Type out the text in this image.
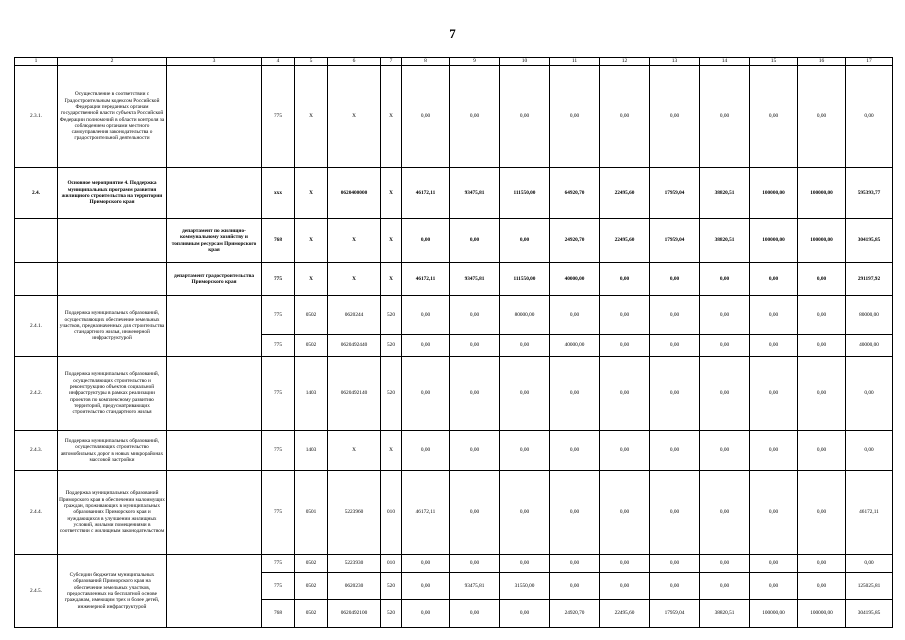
7
1	2	3	4	5	6	7	8	9	10	11	12	13	14	15	16	17
2.3.1.	Осуществление в соответствии с Градостроительным кодексом Российской Федерации переданных органам государственной власти субъекта Российской Федерации полномочий в области контроля за соблюдением органами местного самоуправления законодательства о градостроительной деятельности		775	Х	Х	Х	0,00	0,00	0,00	0,00	0,00	0,00	0,00	0,00	0,00	0,00
2.4.	Основное мероприятие 4. Поддержка муниципальных программ развития жилищного строительства на территории Приморского края		ххх	Х	0620400000	Х	46172,11	93475,81	111550,00	64920,70	22495,60	17959,04	38820,51	100000,00	100000,00	595393,77
		департамент по жилищно-коммунальному хозяйству и топливным ресурсам Приморского края	768	Х	Х	Х	0,00	0,00	0,00	24920,70	22495,60	17959,04	38820,51	100000,00	100000,00	304195,85
		департамент градостроительства Приморского края	775	Х	Х	Х	46172,11	93475,81	111550,00	40000,00	0,00	0,00	0,00	0,00	0,00	291197,92
2.4.1.	Поддержка муниципальных образований, осуществляющих обеспечение земельных участков, предназначенных для строительства стандартного жилья, инженерной инфраструктурой		775	0502	0620244	520	0,00	0,00	80000,00	0,00	0,00	0,00	0,00	0,00	0,00	80000,00
			775	0502	0620492440	520	0,00	0,00	0,00	40000,00	0,00	0,00	0,00	0,00	0,00	40000,00
2.4.2.	Поддержка муниципальных образований, осуществляющих строительство и реконструкцию объектов социальной инфраструктуры в рамках реализации проектов по комплексному развитию территорий, предусматривающих строительство стандартного жилья		775	1403	0620492140	520	0,00	0,00	0,00	0,00	0,00	0,00	0,00	0,00	0,00	0,00
2.4.3.	Поддержка муниципальных образований, осуществляющих строительство автомобильных дорог в новых микрорайонах массовой застройки		775	1403	Х	Х	0,00	0,00	0,00	0,00	0,00	0,00	0,00	0,00	0,00	0,00
2.4.4.	Поддержка муниципальных образований Приморского края в обеспечении малоимущих граждан, проживающих в муниципальных образованиях Приморского края и нуждающихся в улучшении жилищных условий, жилыми помещениями в соответствии с жилищным законодательством		775	0501	5223960	010	46172,11	0,00	0,00	0,00	0,00	0,00	0,00	0,00	0,00	46172,11
2.4.5.	Субсидии бюджетам муниципальных образований Приморского края на обеспечение земельных участков, предоставленных на бесплатной основе гражданам, имеющим трех и более детей, инженерной инфраструктурой		775	0502	5223930	010	0,00	0,00	0,00	0,00	0,00	0,00	0,00	0,00	0,00	0,00
			775	0502	0620230	520	0,00	93475,81	31550,00	0,00	0,00	0,00	0,00	0,00	0,00	125025,81
			768	0502	0620492100	520	0,00	0,00	0,00	24920,70	22495,60	17959,04	38820,51	100000,00	100000,00	304195,85
